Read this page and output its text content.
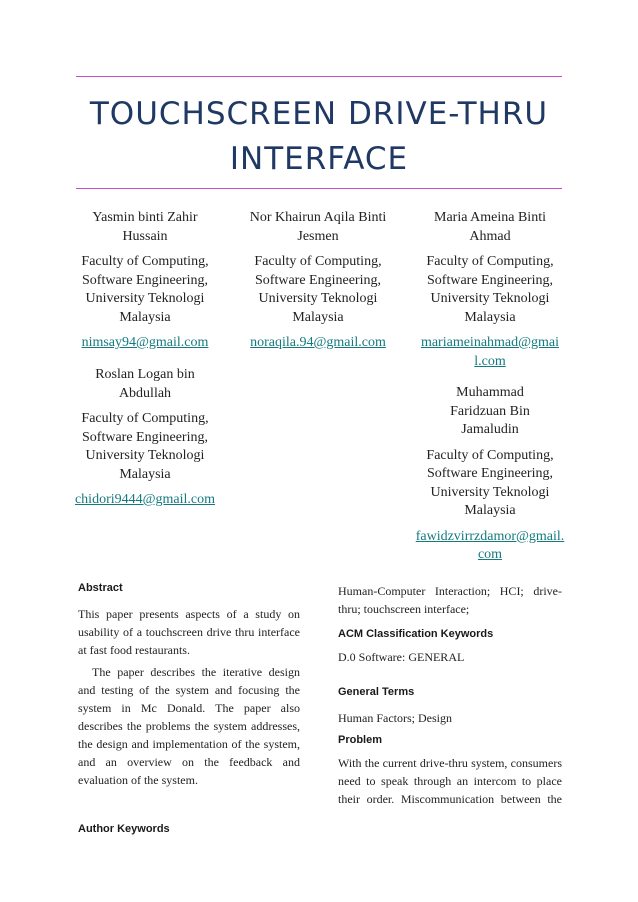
TOUCHSCREEN DRIVE-THRU INTERFACE
Yasmin binti Zahir Hussain
Faculty of Computing, Software Engineering, University Teknologi Malaysia
nimsay94@gmail.com
Nor Khairun Aqila Binti Jesmen
Faculty of Computing, Software Engineering, University Teknologi Malaysia
noraqila.94@gmail.com
Maria Ameina Binti Ahmad
Faculty of Computing, Software Engineering, University Teknologi Malaysia
mariameinahmad@gmail.com
Roslan Logan bin Abdullah
Faculty of Computing, Software Engineering, University Teknologi Malaysia
chidori9444@gmail.com
Muhammad Faridzuan Bin Jamaludin
Faculty of Computing, Software Engineering, University Teknologi Malaysia
fawidzvirrzdamor@gmail.com
Abstract
This paper presents aspects of a study on usability of a touchscreen drive thru interface at fast food restaurants.
The paper describes the iterative design and testing of the system and focusing the system in Mc Donald. The paper also describes the problems the system addresses, the design and implementation of the system, and an overview on the feedback and evaluation of the system.
Author Keywords
Human-Computer Interaction; HCI; drive-thru; touchscreen interface;
ACM Classification Keywords
D.0 Software: GENERAL
General Terms
Human Factors; Design
Problem
With the current drive-thru system, consumers need to speak through an intercom to place their order. Miscommunication between the
